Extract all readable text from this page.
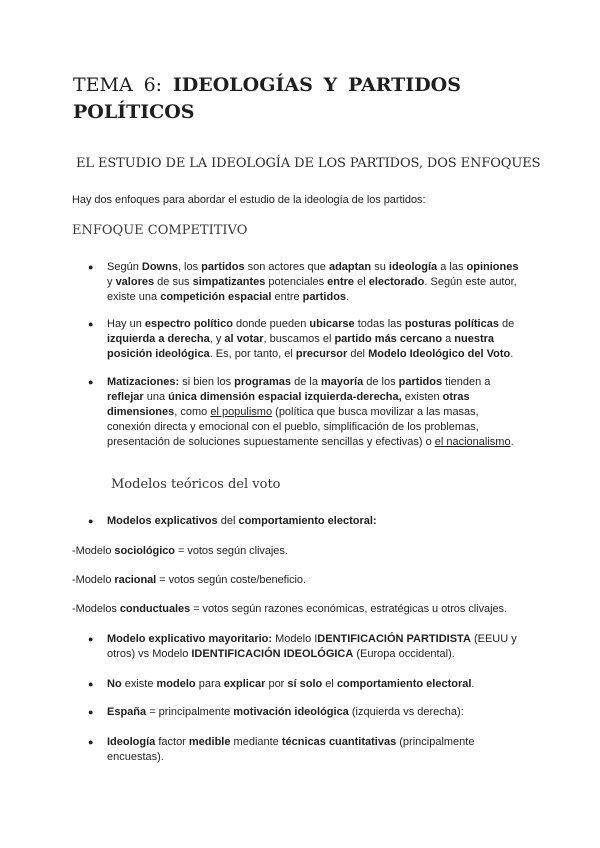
TEMA 6: IDEOLOGÍAS Y PARTIDOS
POLÍTICOS
EL ESTUDIO DE LA IDEOLOGÍA DE LOS PARTIDOS, DOS ENFOQUES

Hay dos enfoques para abordar el estudio de la ideología de los partidos:

ENFOQUE COMPETITIVO
●	Según Downs, los partidos son actores que adaptan su ideología a las opiniones
y valores de sus simpatizantes potenciales entre el electorado. Según este autor,
existe una competición espacial entre partidos.
●	Hay un espectro político donde pueden ubicarse todas las posturas políticas de
izquierda a derecha, y al votar, buscamos el partido más cercano a nuestra
posición ideológica. Es, por tanto, el precursor del Modelo Ideológico del Voto.
●	Matizaciones: si bien los programas de la mayoría de los partidos tienden a
reflejar una única dimensión espacial izquierda-derecha, existen otras
dimensiones, como el populismo (política que busca movilizar a las masas,
conexión directa y emocional con el pueblo, simplificación de los problemas,
presentación de soluciones supuestamente sencillas y efectivas) o el nacionalismo.
Modelos teóricos del voto
●	Modelos explicativos del comportamiento electoral:

-Modelo sociológico = votos según clivajes.

-Modelo racional = votos según coste/beneficio.

-Modelos conductuales = votos según razones económicas, estratégicas u otros clivajes.

●	Modelo explicativo mayoritario: Modelo IDENTIFICACIÓN PARTIDISTA (EEUU y
otros) vs Modelo IDENTIFICACIÓN IDEOLÓGICA (Europa occidental).
●	No existe modelo para explicar por sí solo el comportamiento electoral.
●	España = principalmente motivación ideológica (izquierda vs derecha):
●	Ideología factor medible mediante técnicas cuantitativas (principalmente
encuestas).
